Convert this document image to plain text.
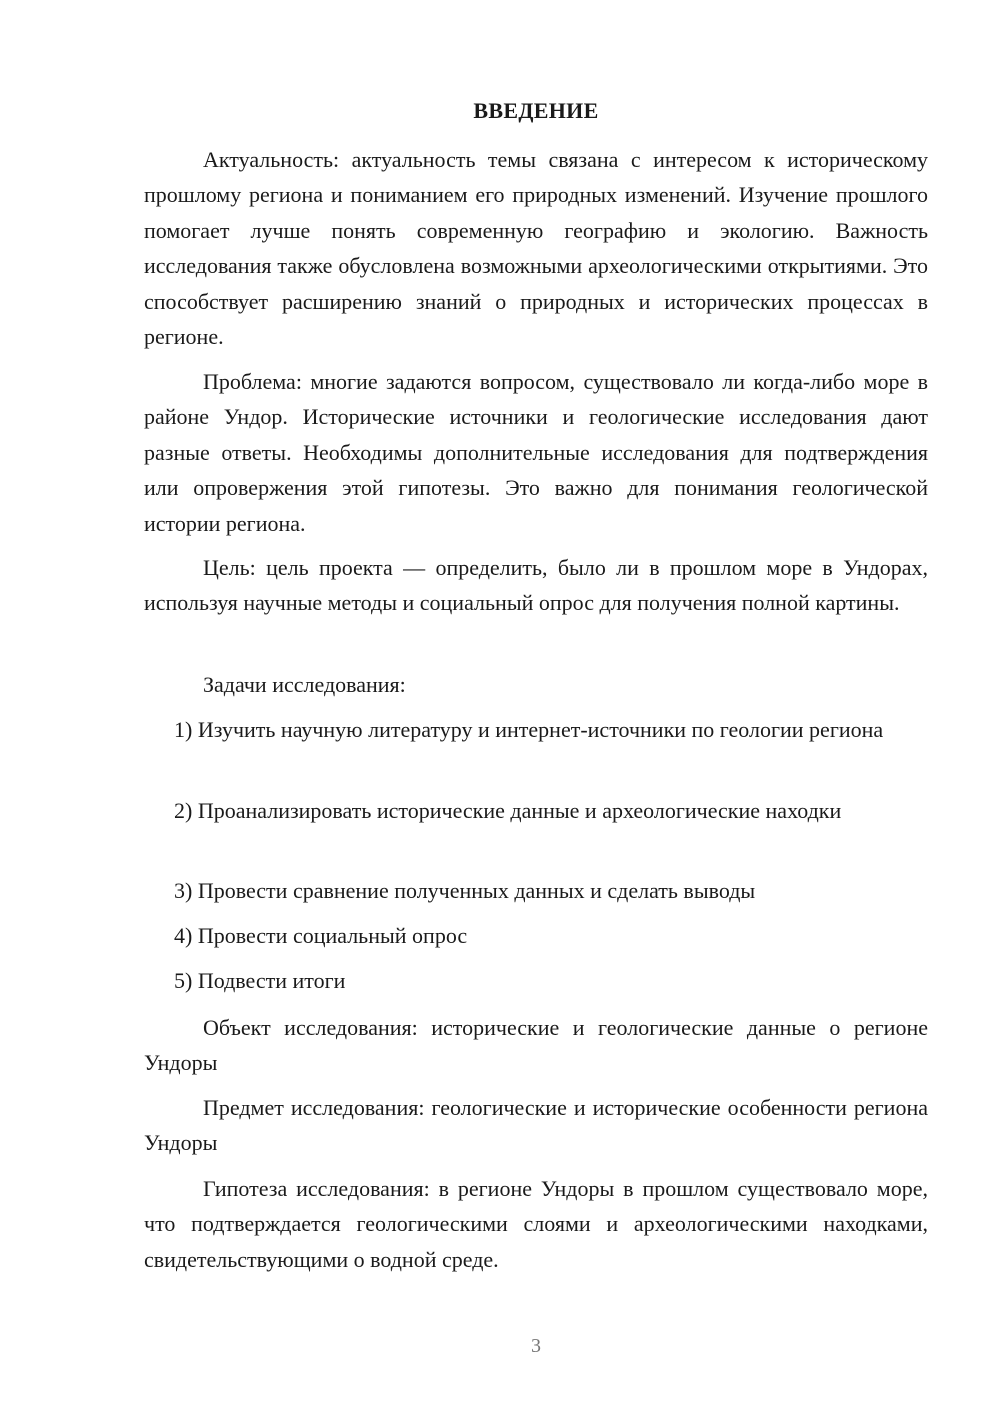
ВВЕДЕНИЕ

Актуальность: актуальность темы связана с интересом к историческому прошлому региона и пониманием его природных изменений. Изучение прошлого помогает лучше понять современную географию и экологию. Важность исследования также обусловлена возможными археологическими открытиями. Это способствует расширению знаний о природных и исторических процессах в регионе.

Проблема: многие задаются вопросом, существовало ли когда-либо море в районе Ундор. Исторические источники и геологические исследования дают разные ответы. Необходимы дополнительные исследования для подтверждения или опровержения этой гипотезы. Это важно для понимания геологической истории региона.

Цель: цель проекта — определить, было ли в прошлом море в Ундорах, используя научные методы и социальный опрос для получения полной картины.

Задачи исследования:

1) Изучить научную литературу и интернет-источники по геологии региона

2) Проанализировать исторические данные и археологические находки

3) Провести сравнение полученных данных и сделать выводы

4) Провести социальный опрос

5) Подвести итоги

Объект исследования: исторические и геологические данные о регионе Ундоры

Предмет исследования: геологические и исторические особенности региона Ундоры

Гипотеза исследования: в регионе Ундоры в прошлом существовало море, что подтверждается геологическими слоями и археологическими находками, свидетельствующими о водной среде.

3
